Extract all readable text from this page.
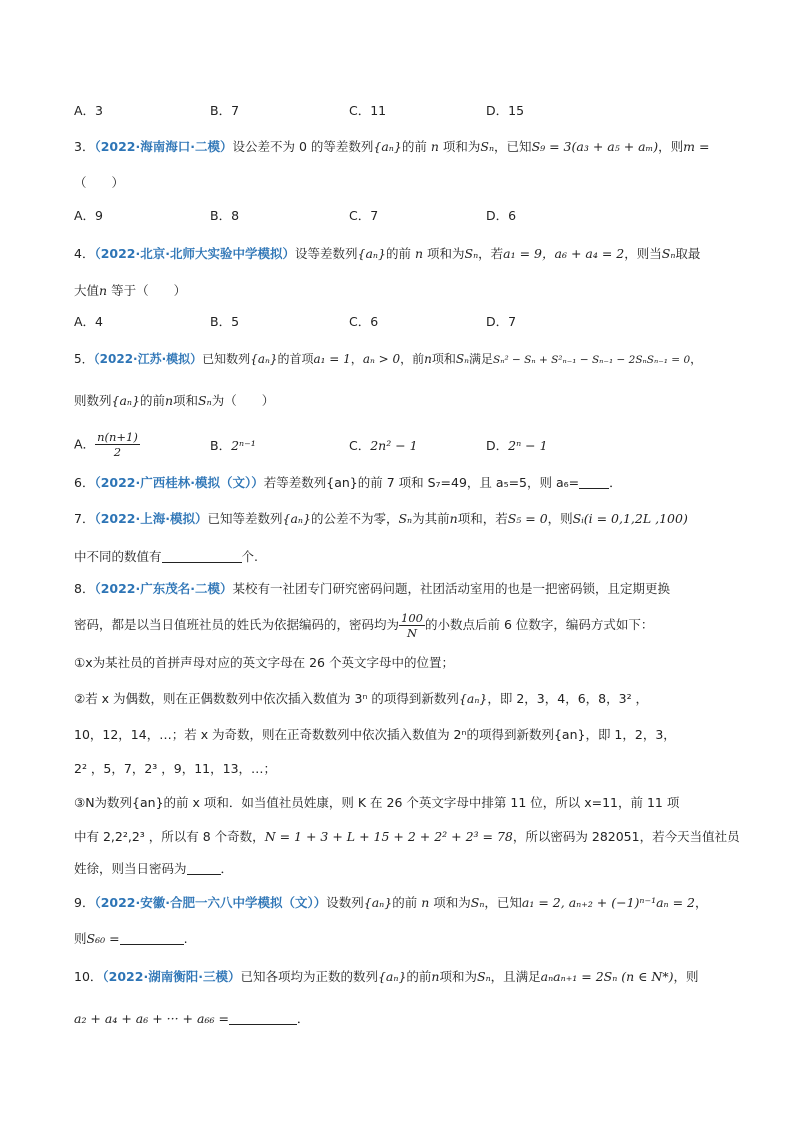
A．3	B．7	C．11	D．15
3．（2022·海南海口·二模）设公差不为 0 的等差数列{aₙ}的前 n 项和为Sₙ，已知S₉ = 3(a₃ + a₅ + aₘ)，则m =
（　　）
A．9	B．8	C．7	D．6
4．（2022·北京·北师大实验中学模拟）设等差数列{aₙ}的前 n 项和为Sₙ，若a₁ = 9，a₆ + a₄ = 2，则当Sₙ取最
大值n 等于（　　）
A．4	B．5	C．6	D．7
5．（2022·江苏·模拟）已知数列{aₙ}的首项a₁ = 1，aₙ > 0，前n项和Sₙ满足Sₙ² − Sₙ + S²ₙ₋₁ − Sₙ₋₁ − 2SₙSₙ₋₁ = 0，
则数列{aₙ}的前n项和Sₙ为（　　）
A． $\frac{n(n+1)}{2}$	B．2ⁿ⁻¹	C．2n² − 1	D．2ⁿ − 1
6．（2022·广西桂林·模拟（文））若等差数列{an}的前 7 项和 S₇=49，且 a₅=5，则 a₆= ．
7．（2022·上海·模拟）已知等差数列{aₙ}的公差不为零，Sₙ为其前n项和，若S₅ = 0，则Sᵢ(i = 0,1,2L ,100)
中不同的数值有	个.
8．（2022·广东茂名·二模）某校有一社团专门研究密码问题，社团活动室用的也是一把密码锁，且定期更换
密码，都是以当日值班社员的姓氏为依据编码的，密码均为 $\frac{100}{N}$ 的小数点后前 6 位数字，编码方式如下：
①x为某社员的首拼声母对应的英文字母在 26 个英文字母中的位置；
②若 x 为偶数，则在正偶数数列中依次插入数值为 3ⁿ 的项得到新数列{aₙ}，即 2，3，4，6，8，3² ，
10，12，14，…；若 x 为奇数，则在正奇数数列中依次插入数值为 2ⁿ的项得到新数列{an}，即 1，2，3，
2² ，5，7，2³ ，9，11，13，…；
③N为数列{an}的前 x 项和．如当值社员姓康，则 K 在 26 个英文字母中排第 11 位，所以 x=11，前 11 项
中有 2,2²,2³ ，所以有 8 个奇数，N = 1 + 3 + L + 15 + 2 + 2² + 2³ = 78，所以密码为 282051，若今天当值社员
姓徐，则当日密码为	．
9．（2022·安徽·合肥一六八中学模拟（文））设数列{aₙ}的前 n 项和为Sₙ，已知a₁ = 2, aₙ₊₂ + (−1)ⁿ⁻¹aₙ = 2，
则S₆₀ =	.
10．（2022·湖南衡阳·三模）已知各项均为正数的数列{aₙ}的前n项和为Sₙ，且满足aₙaₙ₊₁ = 2Sₙ (n ∈ N*)，则
a₂ + a₄ + a₆ + ··· + a₆₆ =	．
